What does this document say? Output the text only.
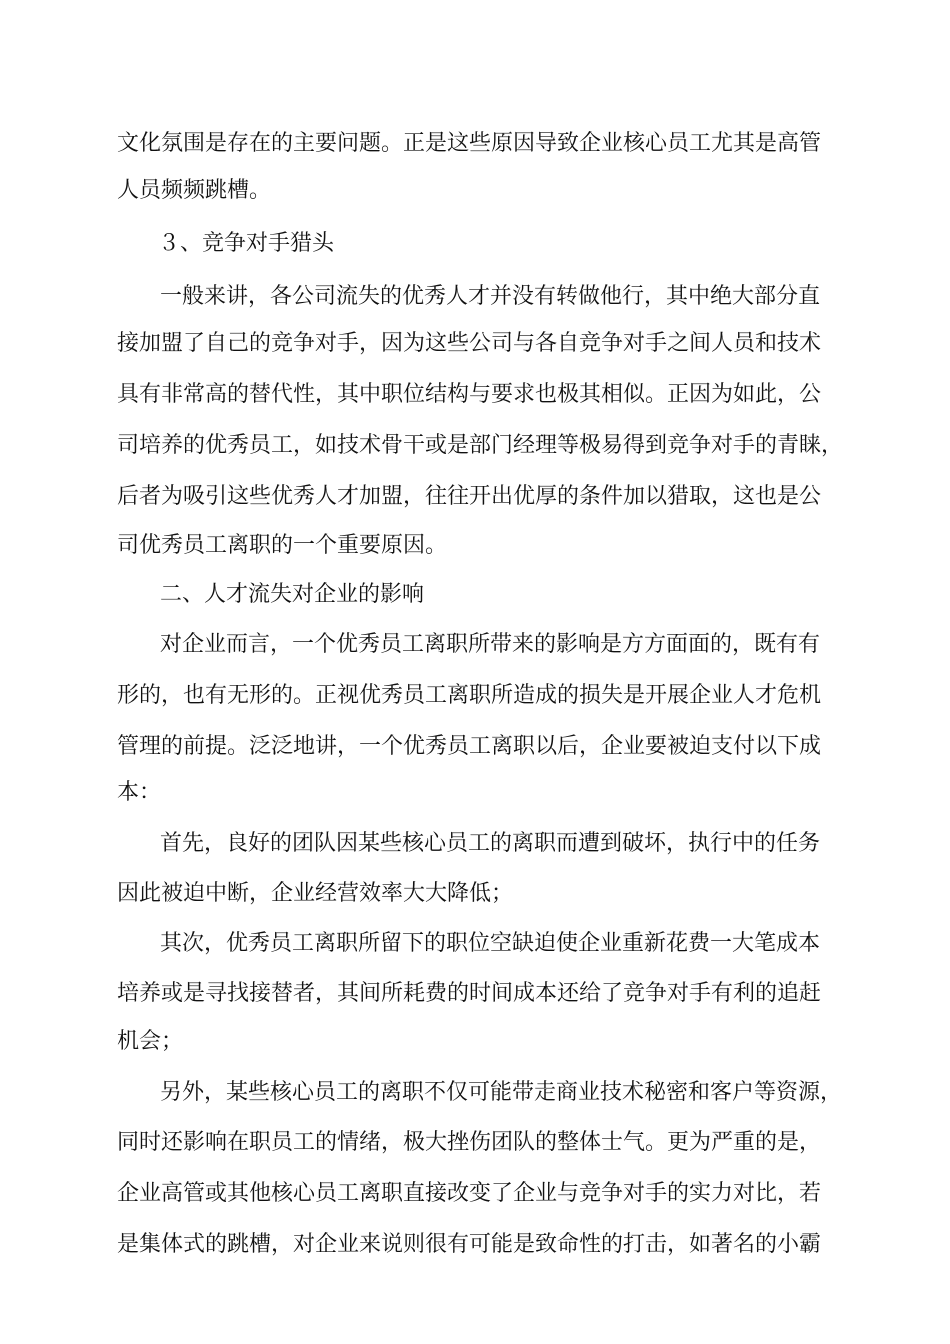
文化氛围是存在的主要问题。正是这些原因导致企业核心员工尤其是高管
人员频频跳槽。
３、竞争对手猎头
一般来讲，各公司流失的优秀人才并没有转做他行，其中绝大部分直
接加盟了自己的竞争对手，因为这些公司与各自竞争对手之间人员和技术
具有非常高的替代性，其中职位结构与要求也极其相似。正因为如此，公
司培养的优秀员工，如技术骨干或是部门经理等极易得到竞争对手的青睐，
后者为吸引这些优秀人才加盟，往往开出优厚的条件加以猎取，这也是公
司优秀员工离职的一个重要原因。
二、人才流失对企业的影响
对企业而言，一个优秀员工离职所带来的影响是方方面面的，既有有
形的，也有无形的。正视优秀员工离职所造成的损失是开展企业人才危机
管理的前提。泛泛地讲，一个优秀员工离职以后，企业要被迫支付以下成
本：
首先，良好的团队因某些核心员工的离职而遭到破坏，执行中的任务
因此被迫中断，企业经营效率大大降低；
其次，优秀员工离职所留下的职位空缺迫使企业重新花费一大笔成本
培养或是寻找接替者，其间所耗费的时间成本还给了竞争对手有利的追赶
机会；
另外，某些核心员工的离职不仅可能带走商业技术秘密和客户等资源，
同时还影响在职员工的情绪，极大挫伤团队的整体士气。更为严重的是，
企业高管或其他核心员工离职直接改变了企业与竞争对手的实力对比，若
是集体式的跳槽，对企业来说则很有可能是致命性的打击，如著名的小霸
